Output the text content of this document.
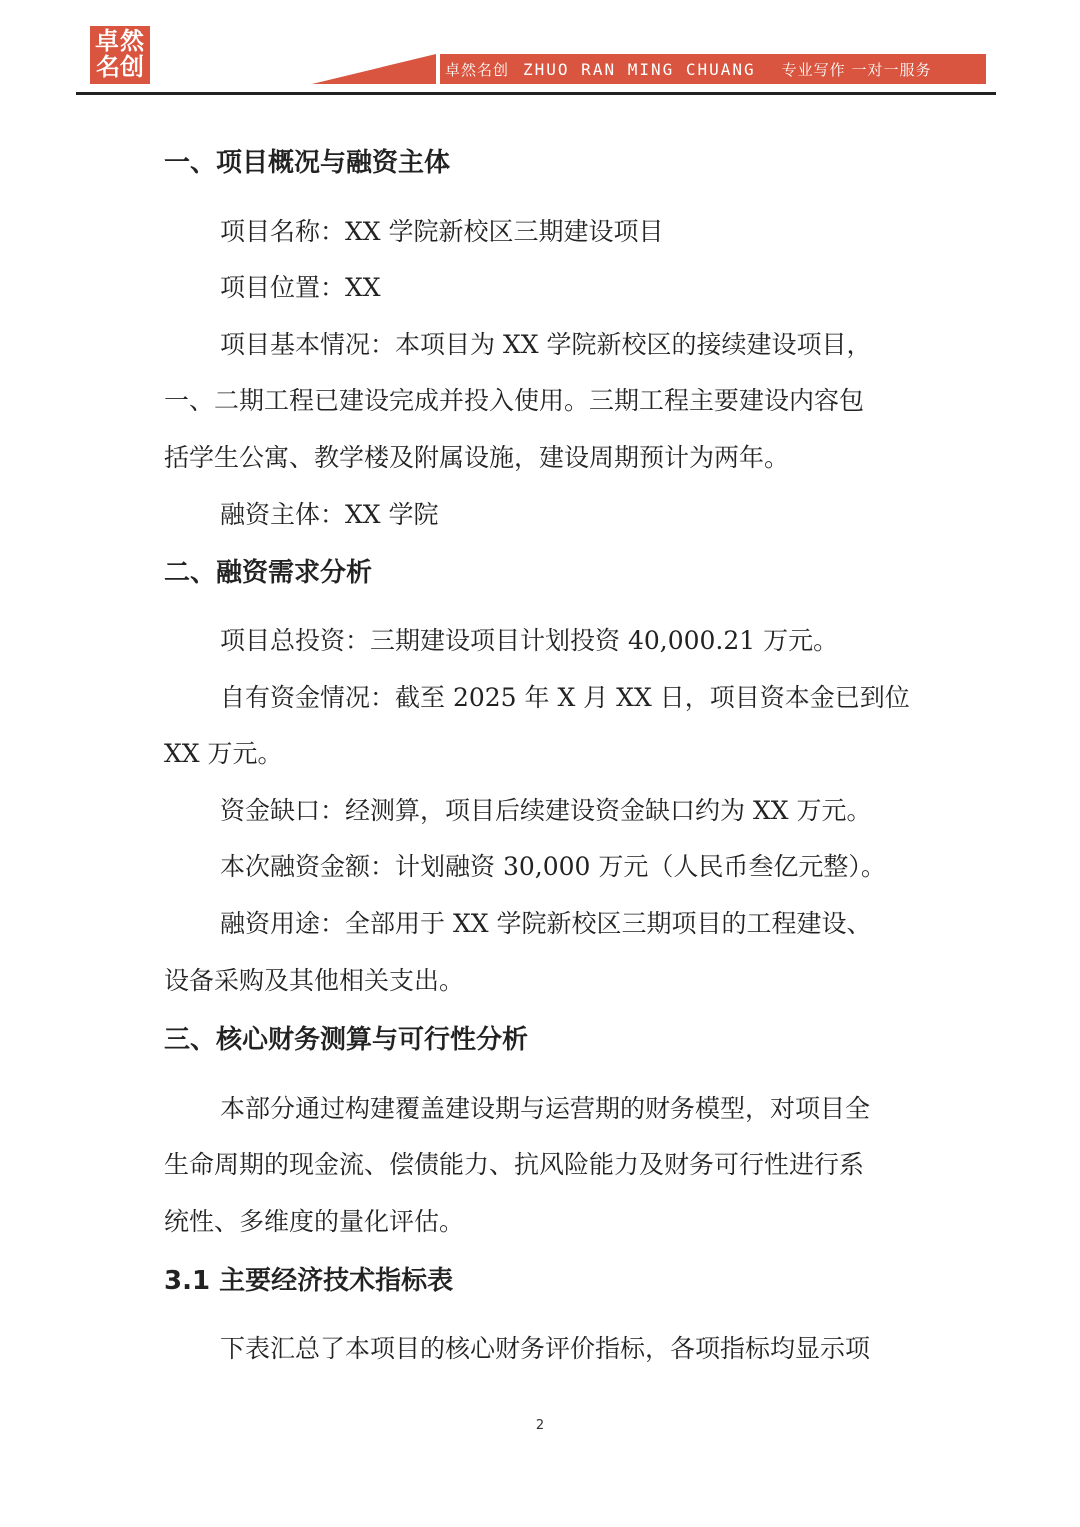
卓然
名创	卓然名创 ZHUO RAN MING CHUANG 专业写作 一对一服务
一、项目概况与融资主体
项目名称：XX 学院新校区三期建设项目
项目位置：XX
项目基本情况：本项目为 XX 学院新校区的接续建设项目，
一、二期工程已建设完成并投入使用。三期工程主要建设内容包
括学生公寓、教学楼及附属设施，建设周期预计为两年。
融资主体：XX 学院
二、融资需求分析
项目总投资：三期建设项目计划投资 40,000.21 万元。
自有资金情况：截至 2025 年 X 月 XX 日，项目资本金已到位
XX 万元。
资金缺口：经测算，项目后续建设资金缺口约为 XX 万元。
本次融资金额：计划融资 30,000 万元（人民币叁亿元整）。
融资用途：全部用于 XX 学院新校区三期项目的工程建设、
设备采购及其他相关支出。
三、核心财务测算与可行性分析
本部分通过构建覆盖建设期与运营期的财务模型，对项目全
生命周期的现金流、偿债能力、抗风险能力及财务可行性进行系
统性、多维度的量化评估。
3.1 主要经济技术指标表
下表汇总了本项目的核心财务评价指标，各项指标均显示项
2
